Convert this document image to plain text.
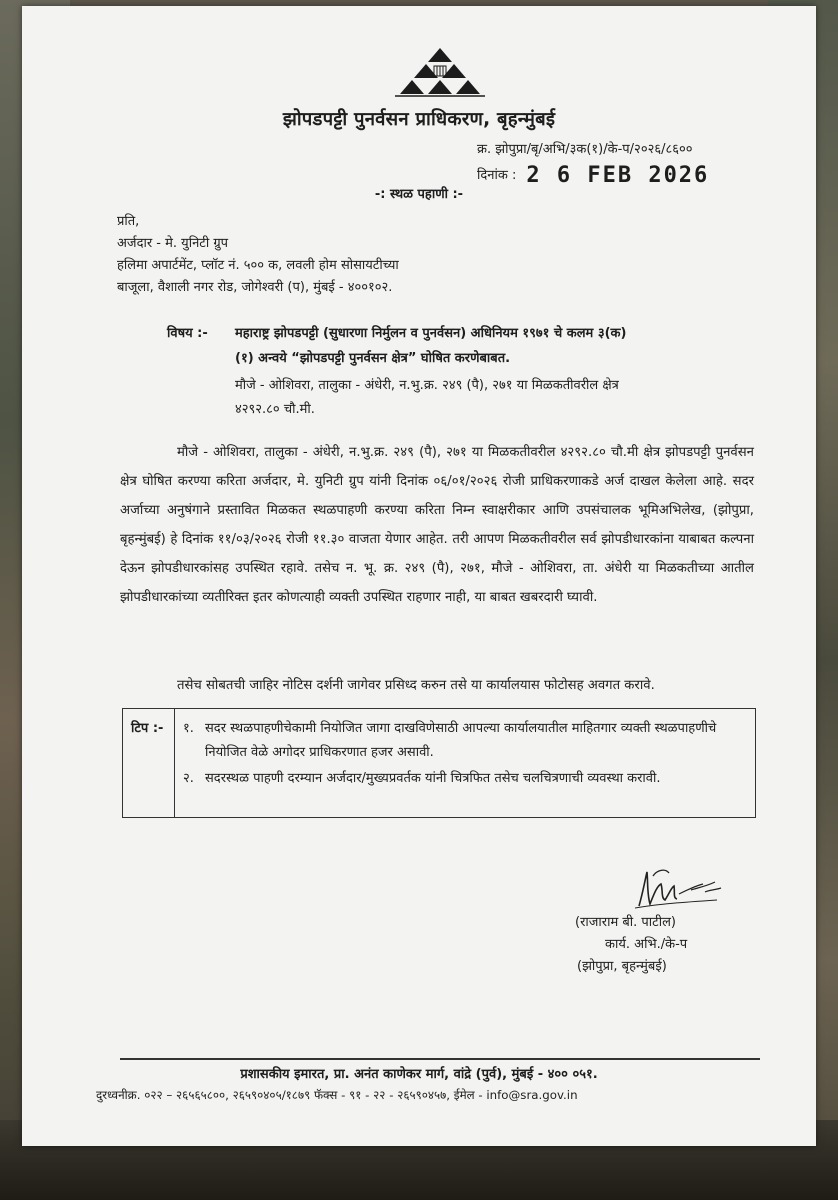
झोपडपट्टी पुनर्वसन प्राधिकरण, बृहन्मुंबई
क्र. झोपुप्रा/बृ/अभि/३क(१)/के-प/२०२६/८६००
दिनांक : 2 6 FEB 2026
-: स्थळ पहाणी :-
प्रति,
अर्जदार - मे. युनिटी ग्रुप
हलिमा अपार्टमेंट, प्लॉट नं. ५०० क, लवली होम सोसायटीच्या
बाजूला, वैशाली नगर रोड, जोगेश्वरी (प), मुंबई - ४००१०२.
विषय :- महाराष्ट्र झोपडपट्टी (सुधारणा निर्मुलन व पुनर्वसन) अधिनियम १९७१ चे कलम ३(क)
(१) अन्वये “झोपडपट्टी पुनर्वसन क्षेत्र” घोषित करणेबाबत.
मौजे - ओशिवरा, तालुका - अंधेरी, न.भु.क्र. २४९ (पै), २७१ या मिळकतीवरील क्षेत्र
४२९२.८० चौ.मी.
मौजे - ओशिवरा, तालुका - अंधेरी, न.भु.क्र. २४९ (पै), २७१ या मिळकतीवरील ४२९२.८० चौ.मी क्षेत्र झोपडपट्टी पुनर्वसन क्षेत्र घोषित करण्या करिता अर्जदार, मे. युनिटी ग्रुप यांनी दिनांक ०६/०१/२०२६ रोजी प्राधिकरणाकडे अर्ज दाखल केलेला आहे. सदर अर्जाच्या अनुषंगाने प्रस्तावित मिळकत स्थळपाहणी करण्या करिता निम्न स्वाक्षरीकार आणि उपसंचालक भूमिअभिलेख, (झोपुप्रा, बृहन्मुंबई) हे दिनांक ११/०३/२०२६ रोजी ११.३० वाजता येणार आहेत. तरी आपण मिळकतीवरील सर्व झोपडीधारकांना याबाबत कल्पना देऊन झोपडीधारकांसह उपस्थित रहावे. तसेच न. भू. क्र. २४९ (पै), २७१, मौजे - ओशिवरा, ता. अंधेरी या मिळकतीच्या आतील झोपडीधारकांच्या व्यतीरिक्त इतर कोणत्याही व्यक्ती उपस्थित राहणार नाही, या बाबत खबरदारी घ्यावी.
तसेच सोबतची जाहिर नोटिस दर्शनी जागेवर प्रसिध्द करुन तसे या कार्यालयास फोटोसह अवगत करावे.
टिप :-	१. सदर स्थळपाहणीचेकामी नियोजित जागा दाखविणेसाठी आपल्या कार्यालयातील माहितगार व्यक्ती स्थळपाहणीचे नियोजित वेळे अगोदर प्राधिकरणात हजर असावी.
२. सदरस्थळ पाहणी दरम्यान अर्जदार/मुख्यप्रवर्तक यांनी चित्रफित तसेच चलचित्रणाची व्यवस्था करावी.
(राजाराम बी. पाटील)
कार्य. अभि./के-प
(झोपुप्रा, बृहन्मुंबई)
प्रशासकीय इमारत, प्रा. अनंत काणेकर मार्ग, वांद्रे (पुर्व), मुंबई - ४०० ०५१.
दुरध्वनीक्र. ०२२ – २६५६५८००, २६५९०४०५/१८७९ फॅक्स - ९१ - २२ - २६५९०४५७, ईमेल - info@sra.gov.in
